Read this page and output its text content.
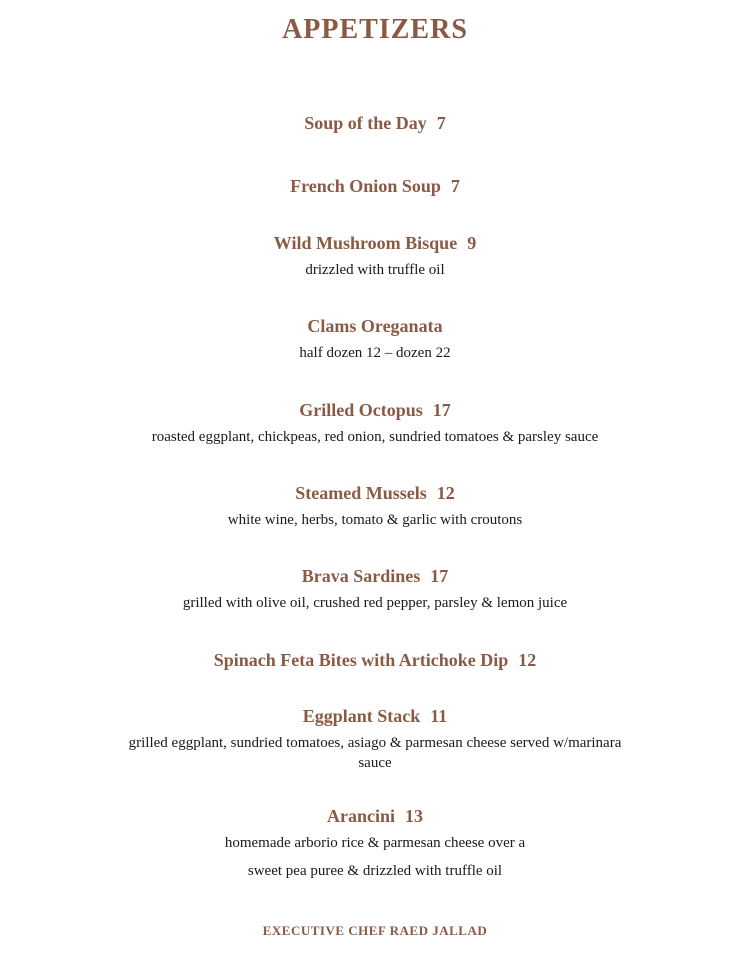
APPETIZERS
Soup of the Day 7
French Onion Soup 7
Wild Mushroom Bisque 9
drizzled with truffle oil
Clams Oreganata
half dozen 12 – dozen 22
Grilled Octopus 17
roasted eggplant, chickpeas, red onion, sundried tomatoes & parsley sauce
Steamed Mussels 12
white wine, herbs, tomato & garlic with croutons
Brava Sardines 17
grilled with olive oil, crushed red pepper, parsley & lemon juice
Spinach Feta Bites with Artichoke Dip 12
Eggplant Stack 11
grilled eggplant, sundried tomatoes, asiago & parmesan cheese served w/marinara sauce
Arancini 13
homemade arborio rice & parmesan cheese over a
sweet pea puree & drizzled with truffle oil
EXECUTIVE CHEF RAED JALLAD
